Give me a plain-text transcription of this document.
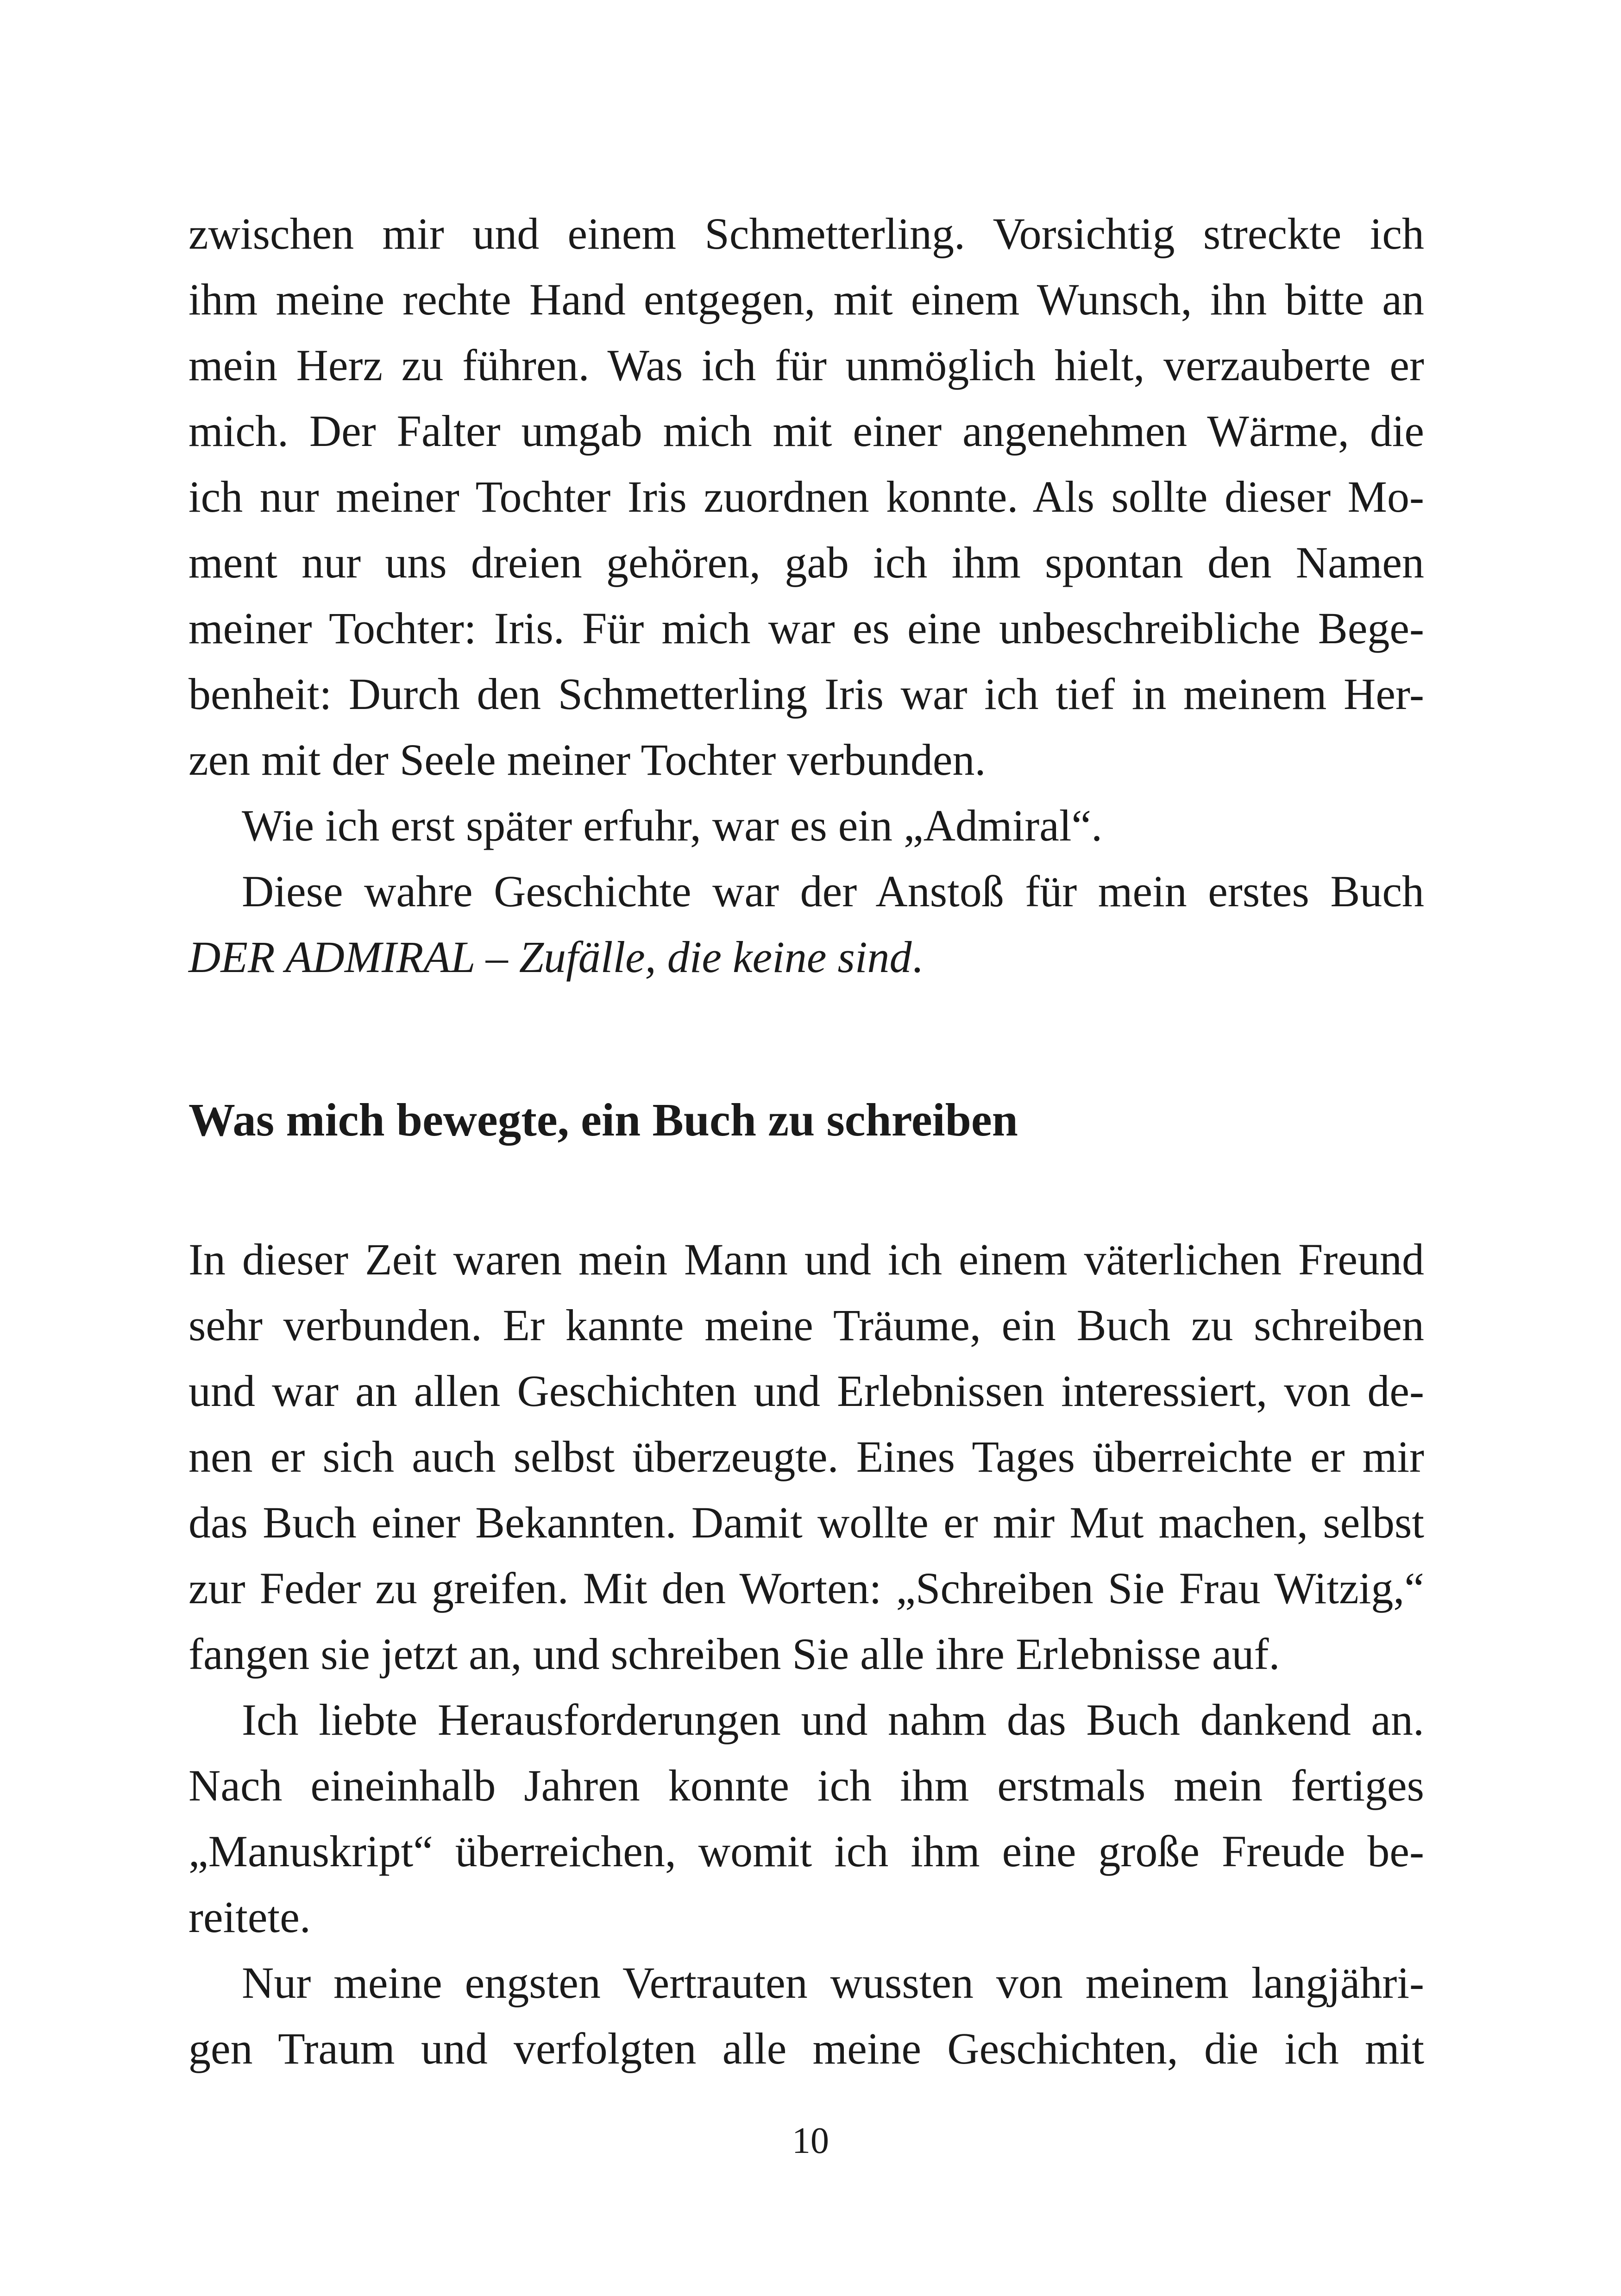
zwischen mir und einem Schmetterling. Vorsichtig streckte ich
ihm meine rechte Hand entgegen, mit einem Wunsch, ihn bitte an
mein Herz zu führen. Was ich für unmöglich hielt, verzauberte er
mich. Der Falter umgab mich mit einer angenehmen Wärme, die
ich nur meiner Tochter Iris zuordnen konnte. Als sollte dieser Mo-
ment nur uns dreien gehören, gab ich ihm spontan den Namen
meiner Tochter: Iris. Für mich war es eine unbeschreibliche Bege-
benheit: Durch den Schmetterling Iris war ich tief in meinem Her-
zen mit der Seele meiner Tochter verbunden.
Wie ich erst später erfuhr, war es ein „Admiral“.
Diese wahre Geschichte war der Anstoß für mein erstes Buch
DER ADMIRAL – Zufälle, die keine sind.
Was mich bewegte, ein Buch zu schreiben
In dieser Zeit waren mein Mann und ich einem väterlichen Freund
sehr verbunden. Er kannte meine Träume, ein Buch zu schreiben
und war an allen Geschichten und Erlebnissen interessiert, von de-
nen er sich auch selbst überzeugte. Eines Tages überreichte er mir
das Buch einer Bekannten. Damit wollte er mir Mut machen, selbst
zur Feder zu greifen. Mit den Worten: „Schreiben Sie Frau Witzig,“
fangen sie jetzt an, und schreiben Sie alle ihre Erlebnisse auf.
Ich liebte Herausforderungen und nahm das Buch dankend an.
Nach eineinhalb Jahren konnte ich ihm erstmals mein fertiges
„Manuskript“ überreichen, womit ich ihm eine große Freude be-
reitete.
Nur meine engsten Vertrauten wussten von meinem langjähri-
gen Traum und verfolgten alle meine Geschichten, die ich mit
10
